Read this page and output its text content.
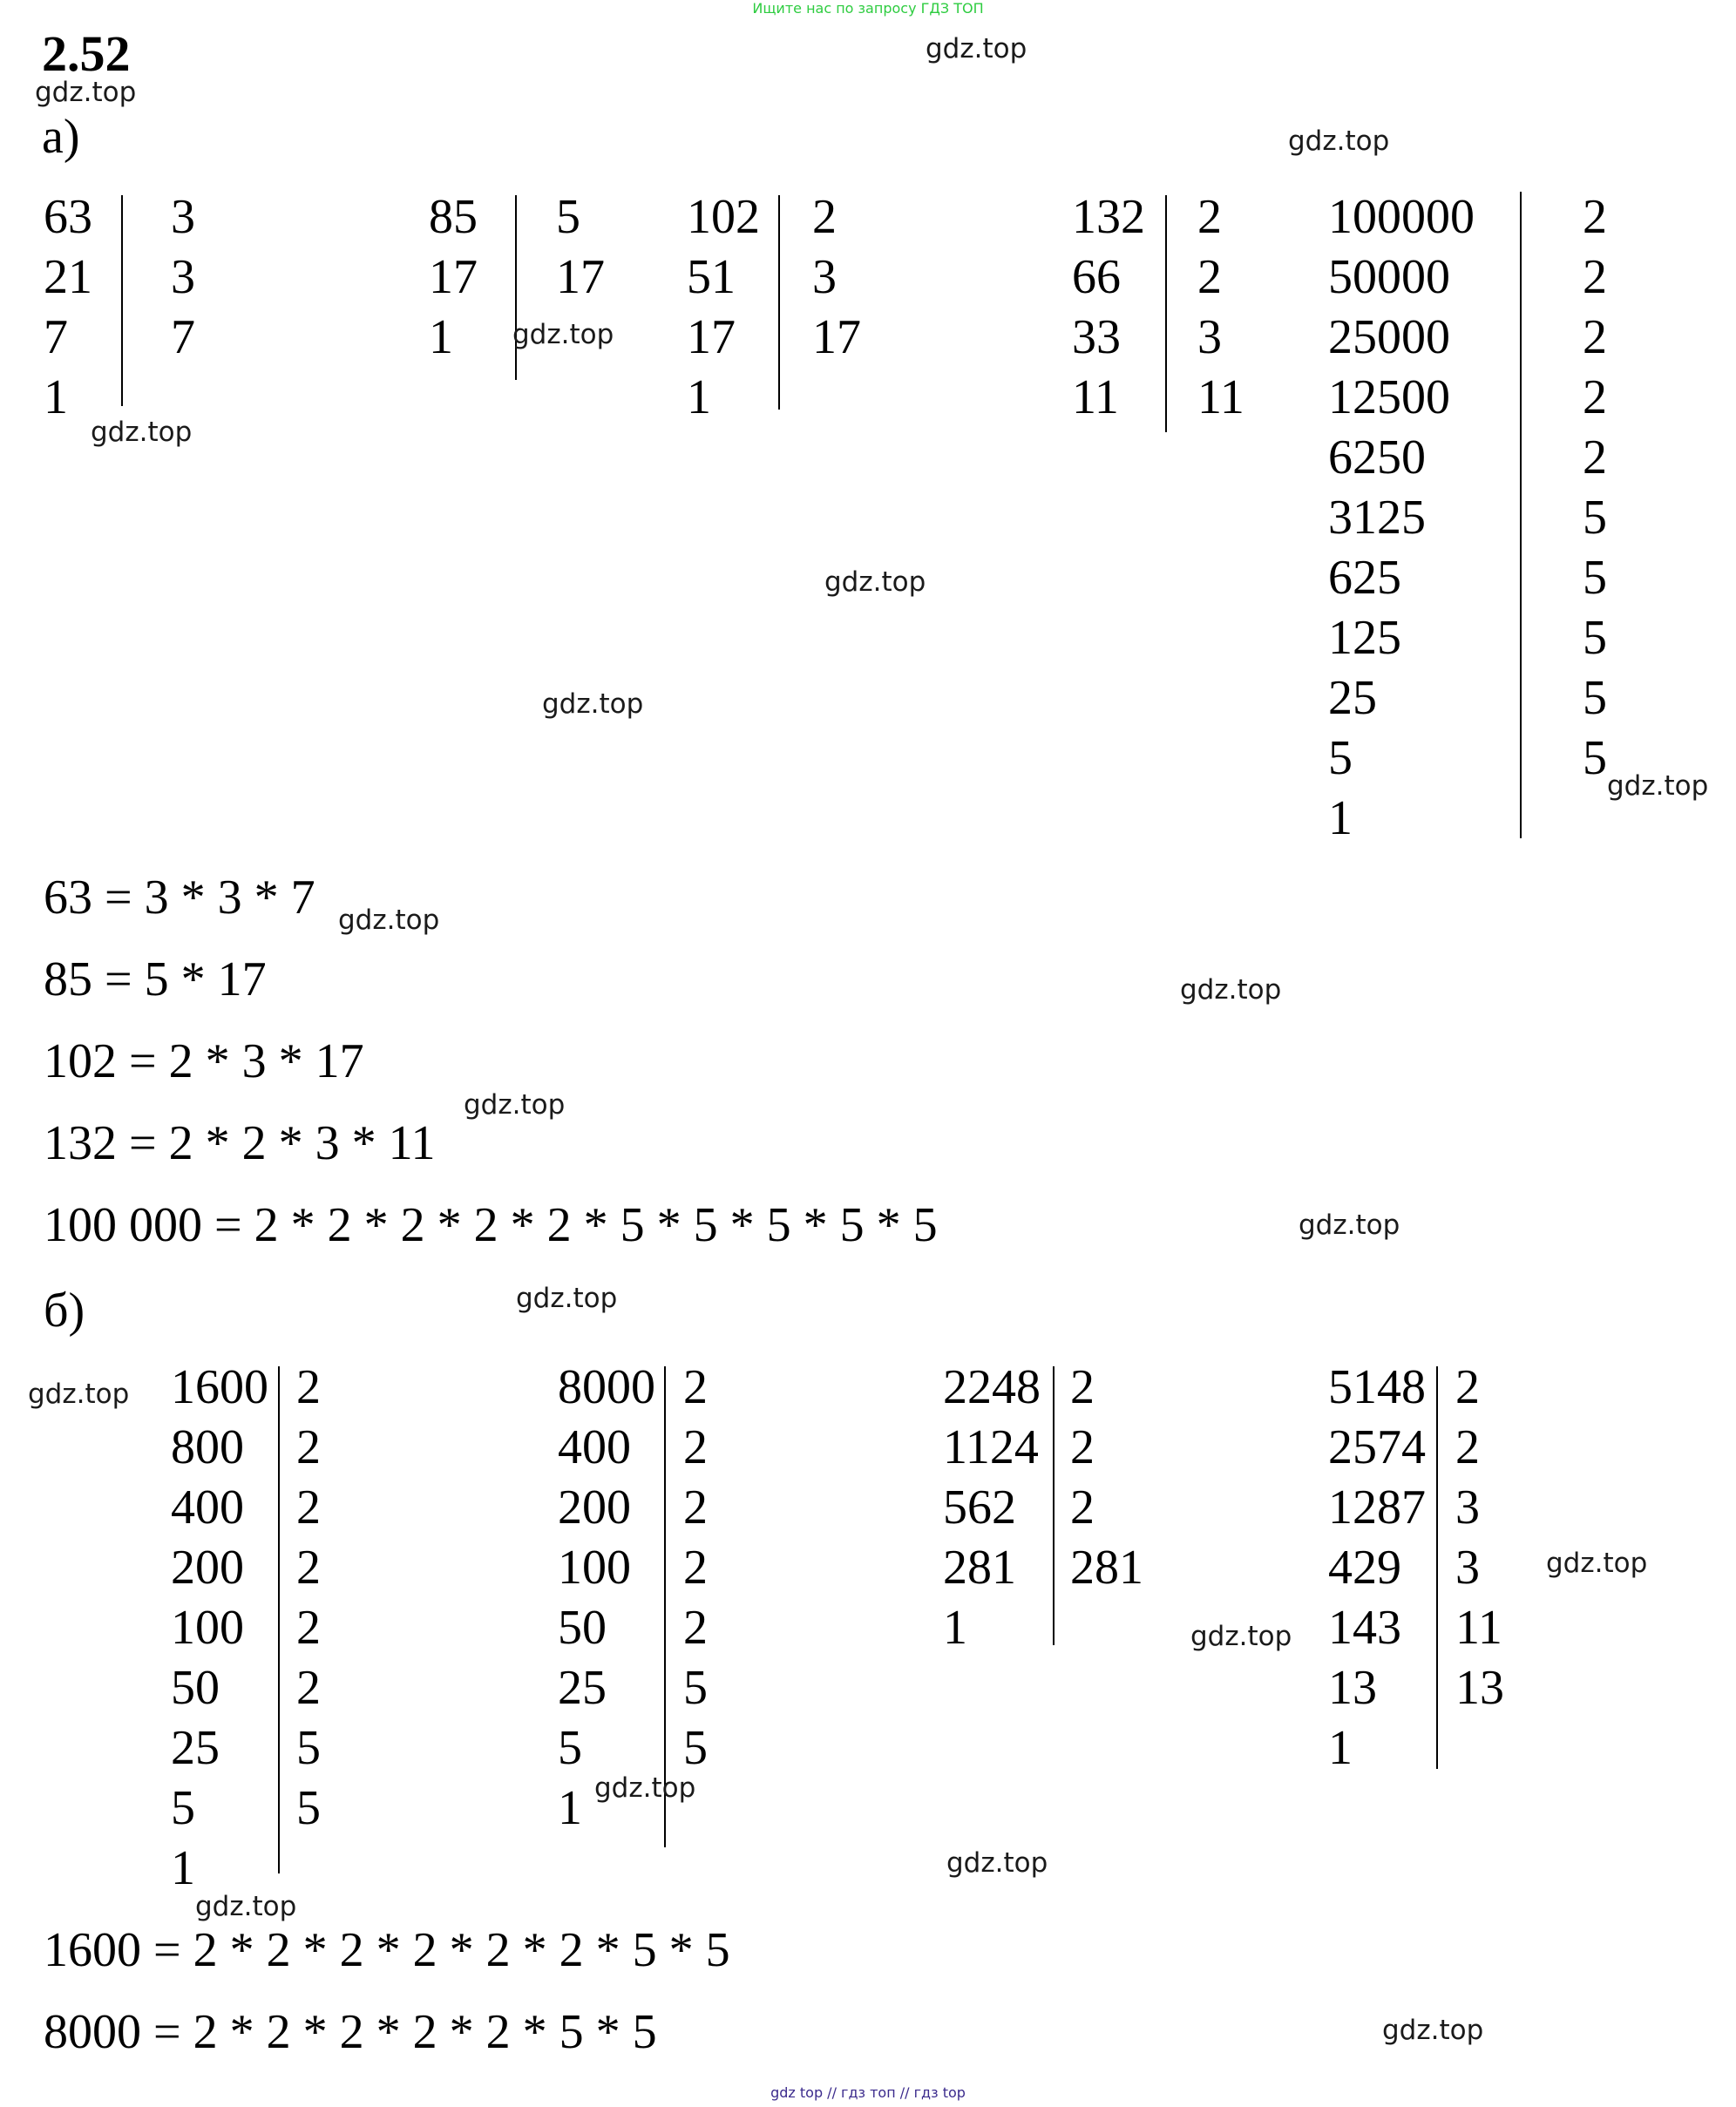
Ищите нас по запросу ГДЗ ТОП
2.52
а)
63
21
7
1
3
3
7
85
17
1
5
17
102
51
17
1
2
3
17
132
66
33
11
2
2
3
11
100000
50000
25000
12500
6250
3125
625
125
25
5
1
2
2
2
2
2
5
5
5
5
5
63 = 3 * 3 * 7
85 = 5 * 17
102 = 2 * 3 * 17
132 = 2 * 2 * 3 * 11
100 000 = 2 * 2 * 2 * 2 * 2 * 5 * 5 * 5 * 5 * 5
б)
1600
800
400
200
100
50
25
5
1
2
2
2
2
2
2
5
5
8000
400
200
100
50
25
5
1
2
2
2
2
2
5
5
2248
1124
562
281
1
2
2
2
281
5148
2574
1287
429
143
13
1
2
2
3
3
11
13
1600 = 2 * 2 * 2 * 2 * 2 * 2 * 5 * 5
8000 = 2 * 2 * 2 * 2 * 2 * 5 * 5
gdz.top
gdz.top
gdz.top
gdz.top
gdz.top
gdz.top
gdz.top
gdz.top
gdz.top
gdz.top
gdz.top
gdz.top
gdz.top
gdz.top
gdz.top
gdz.top
gdz.top
gdz.top
gdz.top
gdz.top
gdz top // гдз топ // гдз top
